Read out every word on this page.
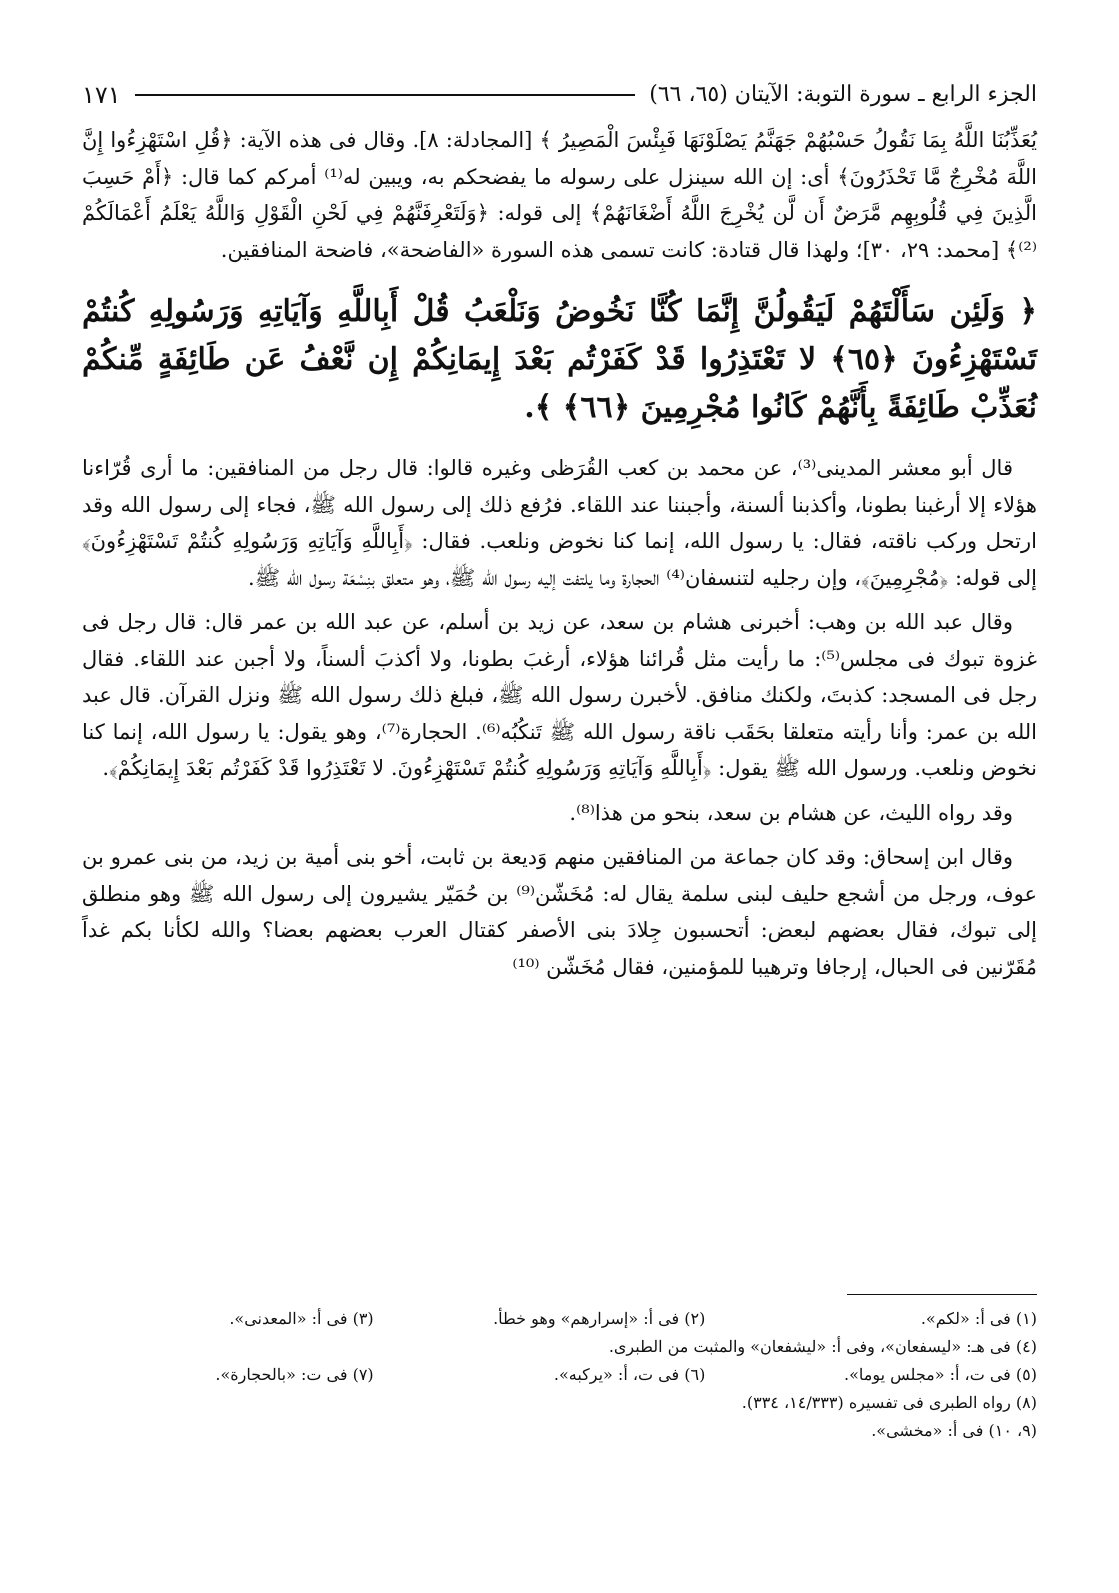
الجزء الرابع ـ سورة التوبة: الآيتان (٦٥، ٦٦)
١٧١

يُعَذِّبُنَا اللَّهُ بِمَا نَقُولُ حَسْبُهُمْ جَهَنَّمُ يَصْلَوْنَهَا فَبِئْسَ الْمَصِيرُ ﴾ [المجادلة: ٨]. وقال فى هذه الآية: ﴿قُلِ اسْتَهْزِءُوا إِنَّ اللَّهَ مُخْرِجٌ مَّا تَحْذَرُونَ﴾ أى: إن الله سينزل على رسوله ما يفضحكم به، ويبين له⁽¹⁾ أمركم كما قال: ﴿أَمْ حَسِبَ الَّذِينَ فِي قُلُوبِهِم مَّرَضٌ أَن لَّن يُخْرِجَ اللَّهُ أَضْغَانَهُمْ﴾ إلى قوله: ﴿وَلَتَعْرِفَنَّهُمْ فِي لَحْنِ الْقَوْلِ وَاللَّهُ يَعْلَمُ أَعْمَالَكُمْ ⁽²⁾﴾ [محمد: ٢٩، ٣٠]؛ ولهذا قال قتادة: كانت تسمى هذه السورة «الفاضحة»، فاضحة المنافقين.

﴿ وَلَئِن سَأَلْتَهُمْ لَيَقُولُنَّ إِنَّمَا كُنَّا نَخُوضُ وَنَلْعَبُ قُلْ أَبِاللَّهِ وَآيَاتِهِ وَرَسُولِهِ كُنتُمْ تَسْتَهْزِءُونَ ﴿٦٥﴾ لا تَعْتَذِرُوا قَدْ كَفَرْتُم بَعْدَ إِيمَانِكُمْ إِن نَّعْفُ عَن طَائِفَةٍ مِّنكُمْ نُعَذِّبْ طَائِفَةً بِأَنَّهُمْ كَانُوا مُجْرِمِينَ ﴿٦٦﴾ ﴾.

قال أبو معشر المدينى⁽³⁾، عن محمد بن كعب القُرَظى وغيره قالوا: قال رجل من المنافقين: ما أرى قُرّاءنا هؤلاء إلا أرغبنا بطونا، وأكذبنا ألسنة، وأجبننا عند اللقاء. فرُفع ذلك إلى رسول الله ﷺ، فجاء إلى رسول الله وقد ارتحل وركب ناقته، فقال: يا رسول الله، إنما كنا نخوض ونلعب. فقال: ﴿أَبِاللَّهِ وَآيَاتِهِ وَرَسُولِهِ كُنتُمْ تَسْتَهْزِءُونَ﴾ إلى قوله: ﴿مُجْرِمِينَ﴾، وإن رجليه لتنسفان⁽⁴⁾ الحجارة وما يلتفت إليه رسول الله ﷺ، وهو متعلق بنِسْعَة رسول الله ﷺ.

وقال عبد الله بن وهب: أخبرنى هشام بن سعد، عن زيد بن أسلم، عن عبد الله بن عمر قال: قال رجل فى غزوة تبوك فى مجلس⁽⁵⁾: ما رأيت مثل قُرائنا هؤلاء، أرغبَ بطونا، ولا أكذبَ ألسناً، ولا أجبن عند اللقاء. فقال رجل فى المسجد: كذبتَ، ولكنك منافق. لأخبرن رسول الله ﷺ، فبلغ ذلك رسول الله ﷺ ونزل القرآن. قال عبد الله بن عمر: وأنا رأيته متعلقا بحَقَب ناقة رسول الله ﷺ تَنكُبُه⁽⁶⁾. الحجارة⁽⁷⁾، وهو يقول: يا رسول الله، إنما كنا نخوض ونلعب. ورسول الله ﷺ يقول: ﴿أَبِاللَّهِ وَآيَاتِهِ وَرَسُولِهِ كُنتُمْ تَسْتَهْزِءُونَ. لا تَعْتَذِرُوا قَدْ كَفَرْتُم بَعْدَ إِيمَانِكُمْ﴾.

وقد رواه الليث، عن هشام بن سعد، بنحو من هذا⁽⁸⁾.

وقال ابن إسحاق: وقد كان جماعة من المنافقين منهم وَديعة بن ثابت، أخو بنى أمية بن زيد، من بنى عمرو بن عوف، ورجل من أشجع حليف لبنى سلمة يقال له: مُخَشّن⁽⁹⁾ بن حُمَيّر يشيرون إلى رسول الله ﷺ وهو منطلق إلى تبوك، فقال بعضهم لبعض: أتحسبون جِلادَ بنى الأصفر كقتال العرب بعضهم بعضا؟ والله لكأنا بكم غداً مُقَرّنين فى الحبال، إرجافا وترهيبا للمؤمنين، فقال مُخَشّن ⁽¹⁰⁾

(١) فى أ: «لكم».
(٢) فى أ: «إسرارهم» وهو خطأ.
(٣) فى أ: «المعدنى».
(٤) فى هـ: «ليسفعان»، وفى أ: «ليشفعان» والمثبت من الطبرى.
(٥) فى ت، أ: «مجلس يوما».
(٦) فى ت، أ: «يركبه».
(٧) فى ت: «بالحجارة».
(٨) رواه الطبرى فى تفسيره (١٤/٣٣٣، ٣٣٤).
(٩، ١٠) فى أ: «مخشى».
